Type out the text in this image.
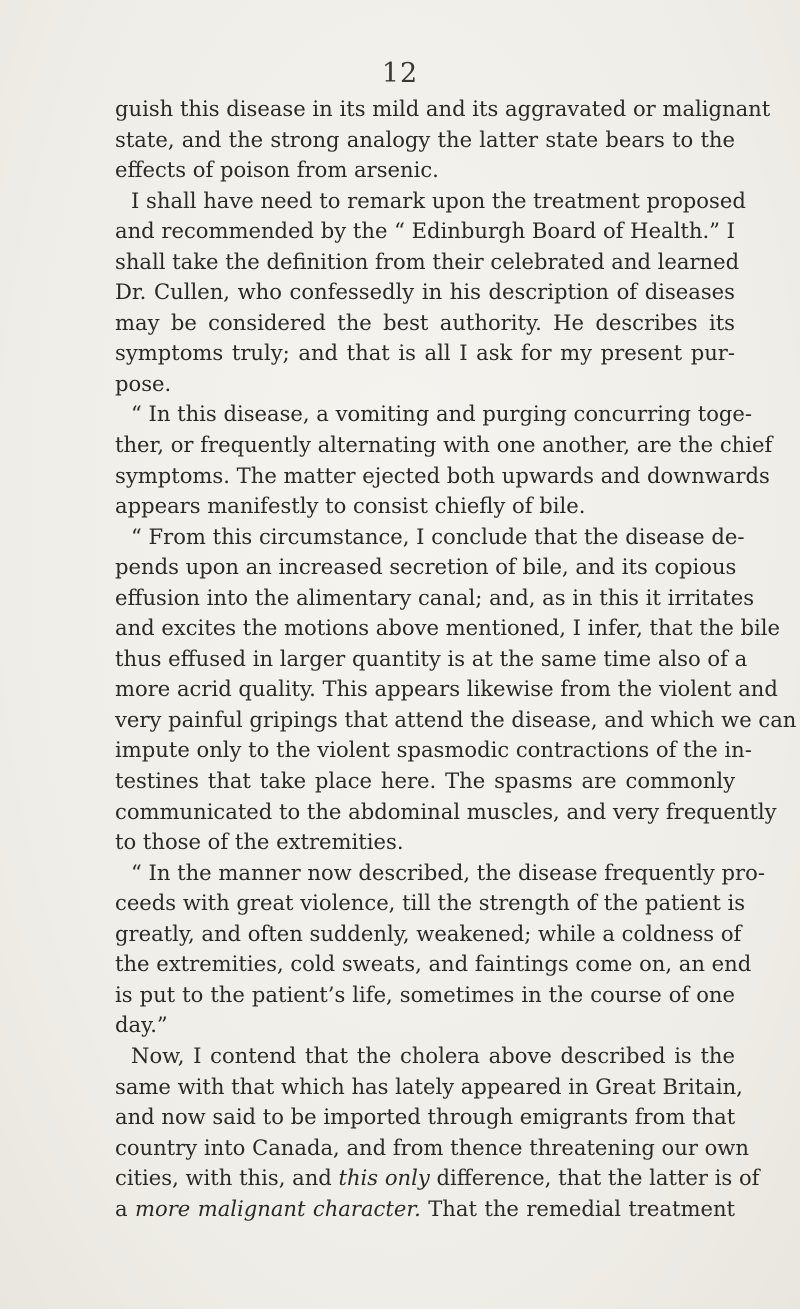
12
guish this disease in its mild and its aggravated or malignant
state, and the strong analogy the latter state bears to the
effects of poison from arsenic.
I shall have need to remark upon the treatment proposed
and recommended by the “ Edinburgh Board of Health.” I
shall take the definition from their celebrated and learned
Dr. Cullen, who confessedly in his description of diseases
may be considered the best authority. He describes its
symptoms truly; and that is all I ask for my present pur-
pose.
“ In this disease, a vomiting and purging concurring toge-
ther, or frequently alternating with one another, are the chief
symptoms. The matter ejected both upwards and downwards
appears manifestly to consist chiefly of bile.
“ From this circumstance, I conclude that the disease de-
pends upon an increased secretion of bile, and its copious
effusion into the alimentary canal; and, as in this it irritates
and excites the motions above mentioned, I infer, that the bile
thus effused in larger quantity is at the same time also of a
more acrid quality. This appears likewise from the violent and
very painful gripings that attend the disease, and which we can
impute only to the violent spasmodic contractions of the in-
testines that take place here. The spasms are commonly
communicated to the abdominal muscles, and very frequently
to those of the extremities.
“ In the manner now described, the disease frequently pro-
ceeds with great violence, till the strength of the patient is
greatly, and often suddenly, weakened; while a coldness of
the extremities, cold sweats, and faintings come on, an end
is put to the patient’s life, sometimes in the course of one
day.”
Now, I contend that the cholera above described is the
same with that which has lately appeared in Great Britain,
and now said to be imported through emigrants from that
country into Canada, and from thence threatening our own
cities, with this, and this only difference, that the latter is of
a more malignant character. That the remedial treatment
